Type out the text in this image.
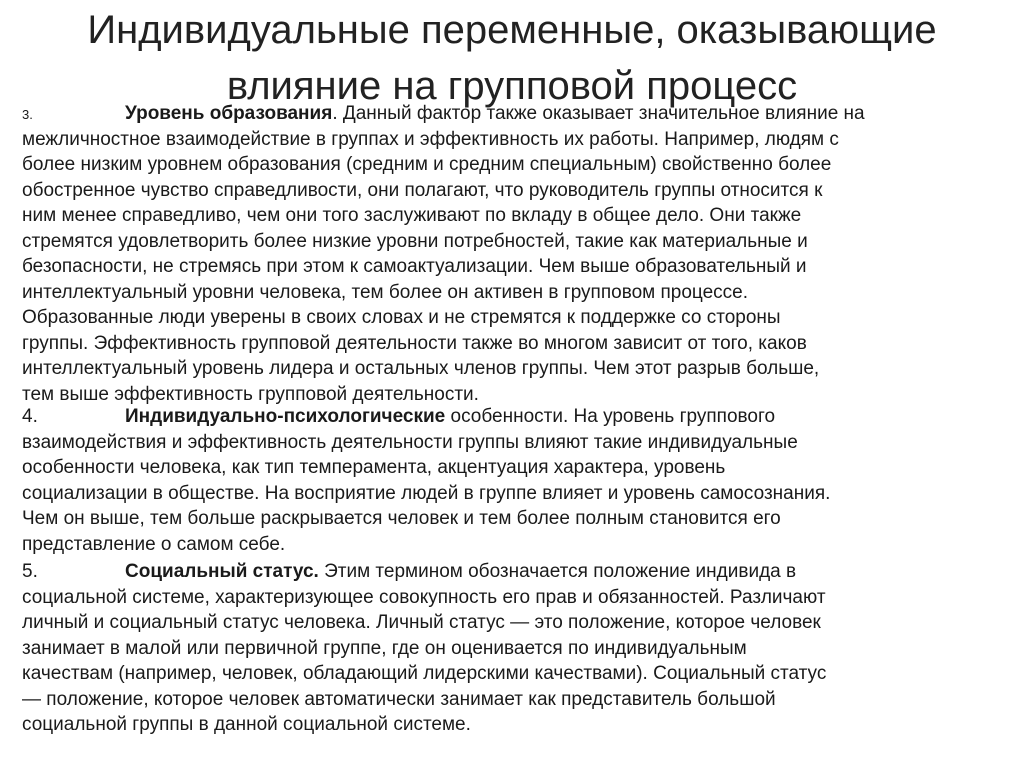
Индивидуальные переменные, оказывающие
влияние на групповой процесс
3.	Уровень образования. Данный фактор также оказывает значительное влияние на
межличностное взаимодействие в группах и эффективность их работы. Например, людям с
более низким уровнем образования (средним и средним специальным) свойственно более
обостренное чувство справедливости, они полагают, что руководитель группы относится к
ним менее справедливо, чем они того заслуживают по вкладу в общее дело. Они также
стремятся удовлетворить более низкие уровни потребностей, такие как материальные и
безопасности, не стремясь при этом к самоактуализации. Чем выше образовательный и
интеллектуальный уровни человека, тем более он активен в групповом процессе.
Образованные люди уверены в своих словах и не стремятся к поддержке со стороны
группы. Эффективность групповой деятельности также во многом зависит от того, каков
интеллектуальный уровень лидера и остальных членов группы. Чем этот разрыв больше,
тем выше эффективность групповой деятельности.
4.	Индивидуально-психологические особенности. На уровень группового
взаимодействия и эффективность деятельности группы влияют такие индивидуальные
особенности человека, как тип темперамента, акцентуация характера, уровень
социализации в обществе. На восприятие людей в группе влияет и уровень самосознания.
Чем он выше, тем больше раскрывается человек и тем более полным становится его
представление о самом себе.
5.	Социальный статус. Этим термином обозначается положение индивида в
социальной системе, характеризующее совокупность его прав и обязанностей. Различают
личный и социальный статус человека. Личный статус — это положение, которое человек
занимает в малой или первичной группе, где он оценивается по индивидуальным
качествам (например, человек, обладающий лидерскими качествами). Социальный статус
— положение, которое человек автоматически занимает как представитель большой
социальной группы в данной социальной системе.
